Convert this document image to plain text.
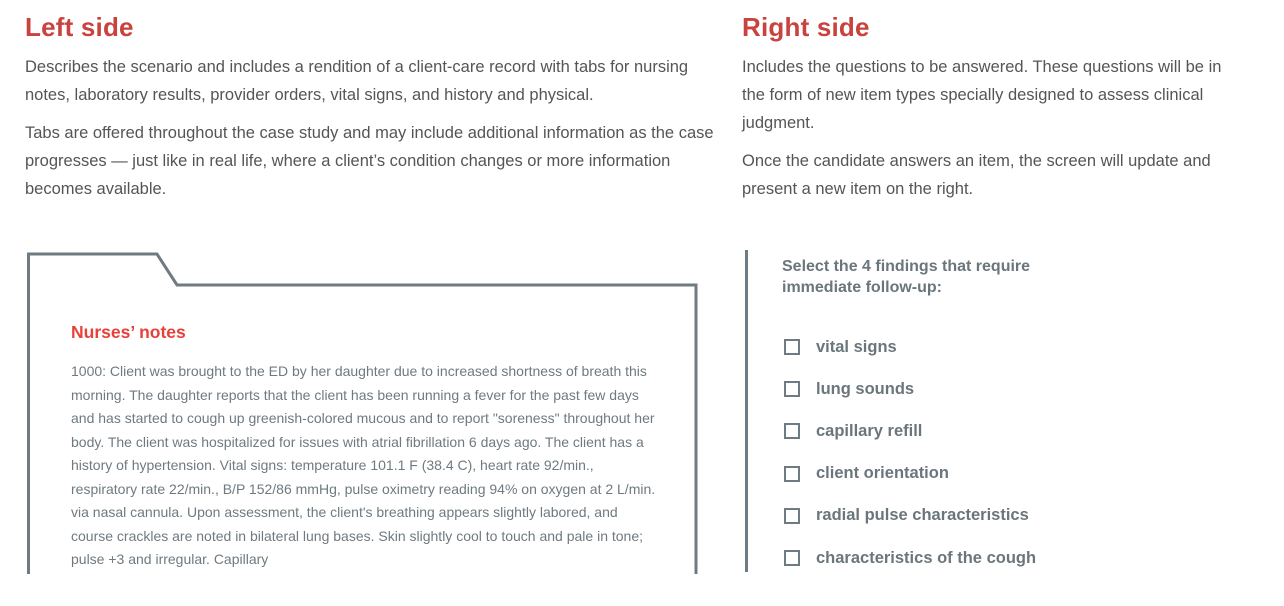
Left side

Describes the scenario and includes a rendition of a client-care record with tabs for nursing notes, laboratory results, provider orders, vital signs, and history and physical.

Tabs are offered throughout the case study and may include additional information as the case progresses — just like in real life, where a client’s condition changes or more information becomes available.

Right side

Includes the questions to be answered. These questions will be in the form of new item types specially designed to assess clinical judgment.

Once the candidate answers an item, the screen will update and present a new item on the right.

Nurses’ notes

1000: Client was brought to the ED by her daughter due to increased shortness of breath this morning. The daughter reports that the client has been running a fever for the past few days and has started to cough up greenish-colored mucous and to report "soreness" throughout her body. The client was hospitalized for issues with atrial fibrillation 6 days ago. The client has a history of hypertension. Vital signs: temperature 101.1 F (38.4 C), heart rate 92/min., respiratory rate 22/min., B/P 152/86 mmHg, pulse oximetry reading 94% on oxygen at 2 L/min. via nasal cannula. Upon assessment, the client's breathing appears slightly labored, and course crackles are noted in bilateral lung bases. Skin slightly cool to touch and pale in tone; pulse +3 and irregular. Capillary

Select the 4 findings that require immediate follow-up:

vital signs
lung sounds
capillary refill
client orientation
radial pulse characteristics
characteristics of the cough
